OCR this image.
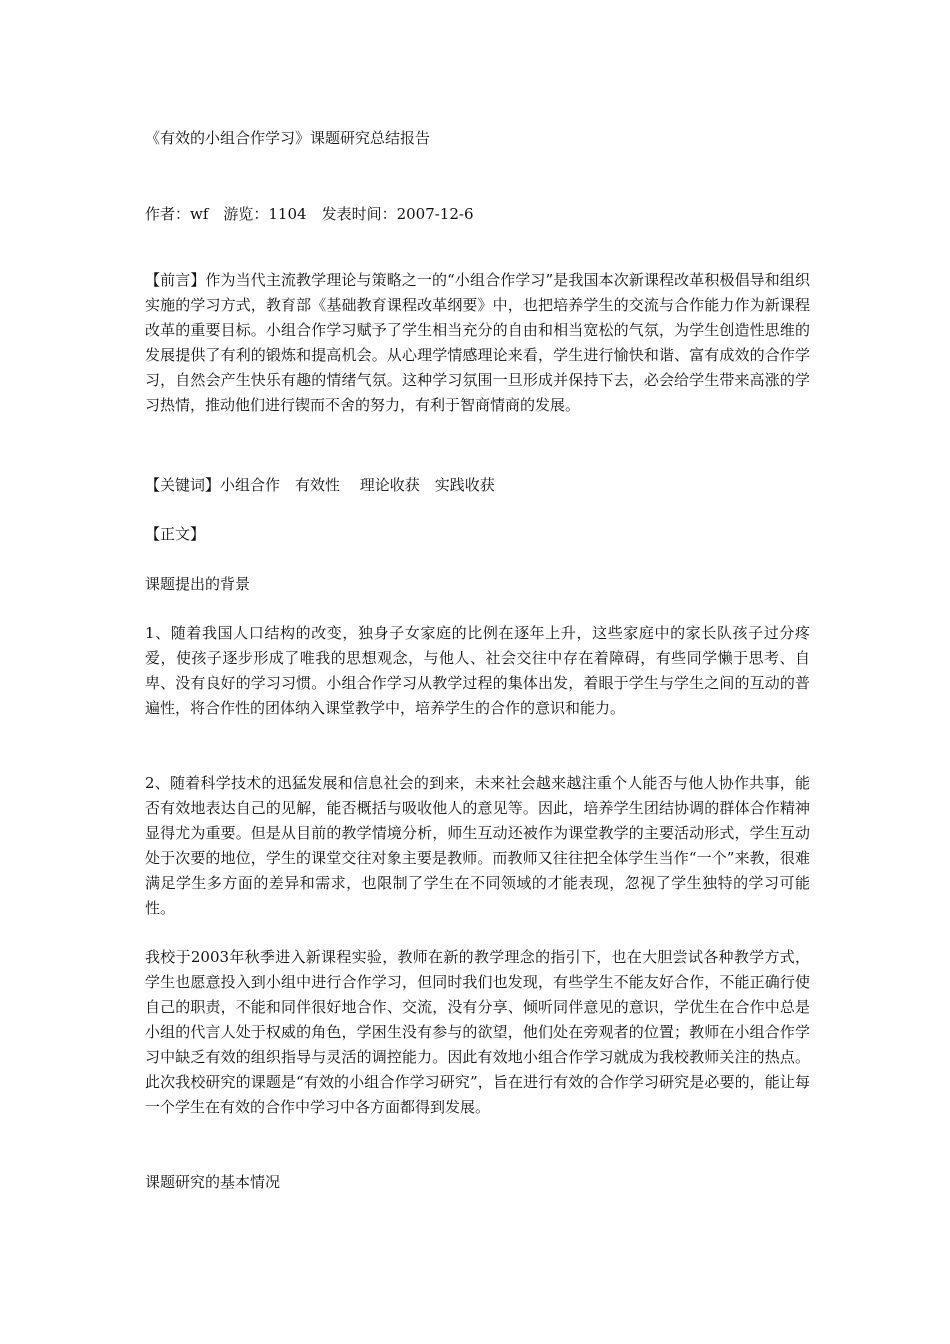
《有效的小组合作学习》课题研究总结报告
作者：wf　游览：1104　发表时间：2007-12-6
【前言】作为当代主流教学理论与策略之一的“小组合作学习”是我国本次新课程改革积极倡导和组织实施的学习方式，教育部《基础教育课程改革纲要》中，也把培养学生的交流与合作能力作为新课程改革的重要目标。小组合作学习赋予了学生相当充分的自由和相当宽松的气氛，为学生创造性思维的发展提供了有利的锻炼和提高机会。从心理学情感理论来看，学生进行愉快和谐、富有成效的合作学习，自然会产生快乐有趣的情绪气氛。这种学习氛围一旦形成并保持下去，必会给学生带来高涨的学习热情，推动他们进行锲而不舍的努力，有利于智商情商的发展。
【关键词】小组合作　有效性　 理论收获　实践收获
【正文】
课题提出的背景
1、随着我国人口结构的改变，独身子女家庭的比例在逐年上升，这些家庭中的家长队孩子过分疼爱，使孩子逐步形成了唯我的思想观念，与他人、社会交往中存在着障碍，有些同学懒于思考、自卑、没有良好的学习习惯。小组合作学习从教学过程的集体出发，着眼于学生与学生之间的互动的普遍性，将合作性的团体纳入课堂教学中，培养学生的合作的意识和能力。
2、随着科学技术的迅猛发展和信息社会的到来，未来社会越来越注重个人能否与他人协作共事，能否有效地表达自己的见解，能否概括与吸收他人的意见等。因此，培养学生团结协调的群体合作精神显得尤为重要。但是从目前的教学情境分析，师生互动还被作为课堂教学的主要活动形式，学生互动处于次要的地位，学生的课堂交往对象主要是教师。而教师又往往把全体学生当作“一个”来教，很难满足学生多方面的差异和需求，也限制了学生在不同领域的才能表现，忽视了学生独特的学习可能性。
我校于2003年秋季进入新课程实验，教师在新的教学理念的指引下，也在大胆尝试各种教学方式，学生也愿意投入到小组中进行合作学习，但同时我们也发现，有些学生不能友好合作，不能正确行使自己的职责，不能和同伴很好地合作、交流，没有分享、倾听同伴意见的意识，学优生在合作中总是小组的代言人处于权威的角色，学困生没有参与的欲望，他们处在旁观者的位置；教师在小组合作学习中缺乏有效的组织指导与灵活的调控能力。因此有效地小组合作学习就成为我校教师关注的热点。此次我校研究的课题是“有效的小组合作学习研究”，旨在进行有效的合作学习研究是必要的，能让每一个学生在有效的合作中学习中各方面都得到发展。
课题研究的基本情况
